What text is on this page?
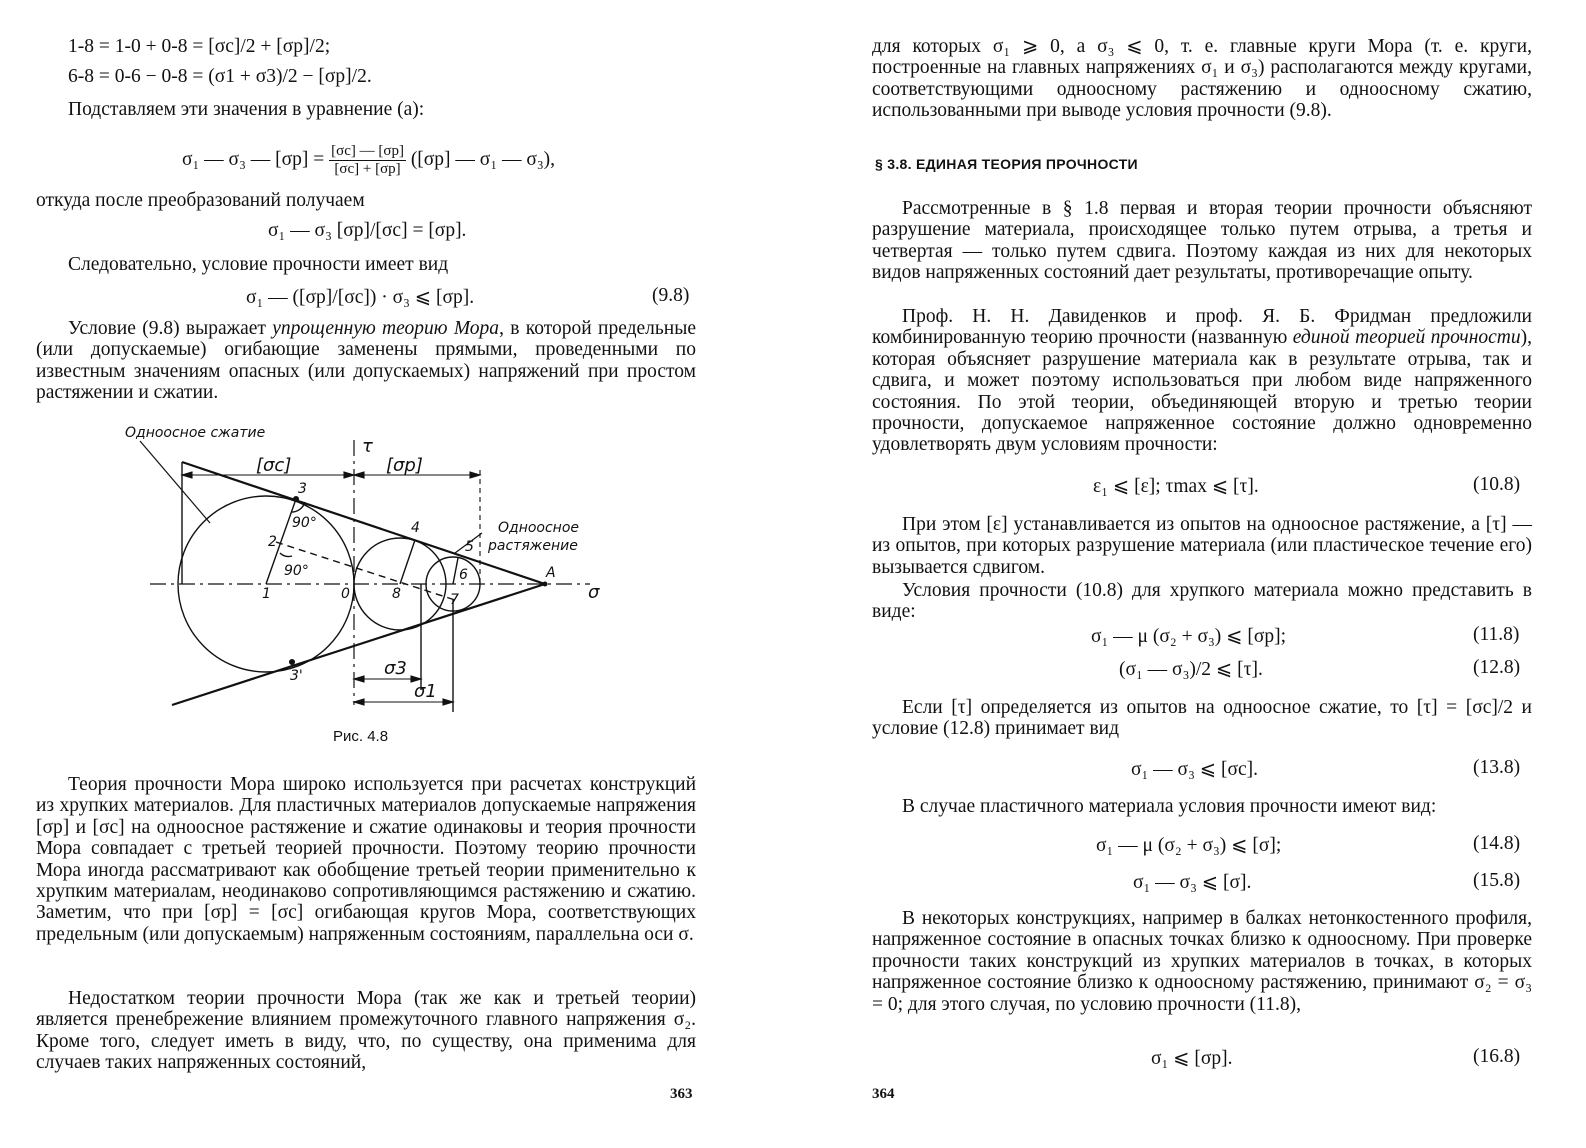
1-8 = 1-0 + 0-8 = [σc]/2 + [σp]/2;
6-8 = 0-6 − 0-8 = (σ1 + σ3)/2 − [σp]/2.
Подставляем эти значения в уравнение (а):
σ₁ — σ₃ — $[\sigma p] = \frac{[\sigma c] — [\sigma p]}{[\sigma c] + [\sigma p]} ([\sigma p]$ — σ₁ — σ₃),
откуда после преобразований получаем
σ₁ — σ₃ [σp]/[σc] = [σp].
Следовательно, условие прочности имеет вид
σ₁ — ([σp]/[σc]) · σ₃ ⩽ [σp].	(9.8)

Условие (9.8) выражает упрощенную теорию Мора, в которой предельные (или допускаемые) огибающие заменены прямыми, проведенными по известным значениям опасных (или допускаемых) напряжений при простом растяжении и сжатии.

Одноосное сжатие
Одноосное
растяжение
τ
σ
[σc]	[σp]
σ3
σ1
90°
90°
1
2
3
3'
4
5
6
7
8
0
A
Рис. 4.8

Теория прочности Мора широко используется при расчетах конструкций из хрупких материалов. Для пластичных материалов допускаемые напряжения [σp] и [σc] на одноосное растяжение и сжатие одинаковы и теория прочности Мора совпадает с третьей теорией прочности. Поэтому теорию прочности Мора иногда рассматривают как обобщение третьей теории применительно к хрупким материалам, неодинаково сопротивляющимся растяжению и сжатию. Заметим, что при [σp] = [σc] огибающая кругов Мора, соответствующих предельным (или допускаемым) напряженным состояниям, параллельна оси σ.

Недостатком теории прочности Мора (так же как и третьей теории) является пренебрежение влиянием промежуточного главного напряжения σ₂. Кроме того, следует иметь в виду, что, по существу, она применима для случаев таких напряженных состояний,

363

для которых σ₁ ⩾ 0, а σ₃ ⩽ 0, т. е. главные круги Мора (т. е. круги, построенные на главных напряжениях σ₁ и σ₃) располагаются между кругами, соответствующими одноосному растяжению и одноосному сжатию, использованными при выводе условия прочности (9.8).

§ 3.8. ЕДИНАЯ ТЕОРИЯ ПРОЧНОСТИ

Рассмотренные в § 1.8 первая и вторая теории прочности объясняют разрушение материала, происходящее только путем отрыва, а третья и четвертая — только путем сдвига. Поэтому каждая из них для некоторых видов напряженных состояний дает результаты, противоречащие опыту.

Проф. Н. Н. Давиденков и проф. Я. Б. Фридман предложили комбинированную теорию прочности (названную единой теорией прочности), которая объясняет разрушение материала как в результате отрыва, так и сдвига, и может поэтому использоваться при любом виде напряженного состояния. По этой теории, объединяющей вторую и третью теории прочности, допускаемое напряженное состояние должно одновременно удовлетворять двум условиям прочности:

ε₁ ⩽ [ε]; τmax ⩽ [τ].	(10.8)

При этом [ε] устанавливается из опытов на одноосное растяжение, а [τ] — из опытов, при которых разрушение материала (или пластическое течение его) вызывается сдвигом.

Условия прочности (10.8) для хрупкого материала можно представить в виде:

σ₁ — μ (σ₂ + σ₃) ⩽ [σp];	(11.8)
(σ₁ — σ₃)/2 ⩽ [τ].	(12.8)

Если [τ] определяется из опытов на одноосное сжатие, то [τ] = [σc]/2 и условие (12.8) принимает вид

σ₁ — σ₃ ⩽ [σc].	(13.8)

В случае пластичного материала условия прочности имеют вид:

σ₁ — μ (σ₂ + σ₃) ⩽ [σ];	(14.8)
σ₁ — σ₃ ⩽ [σ].	(15.8)

В некоторых конструкциях, например в балках нетонкостенного профиля, напряженное состояние в опасных точках близко к одноосному. При проверке прочности таких конструкций из хрупких материалов в точках, в которых напряженное состояние близко к одноосному растяжению, принимают σ₂ = σ₃ = 0; для этого случая, по условию прочности (11.8),

σ₁ ⩽ [σp].	(16.8)
364
